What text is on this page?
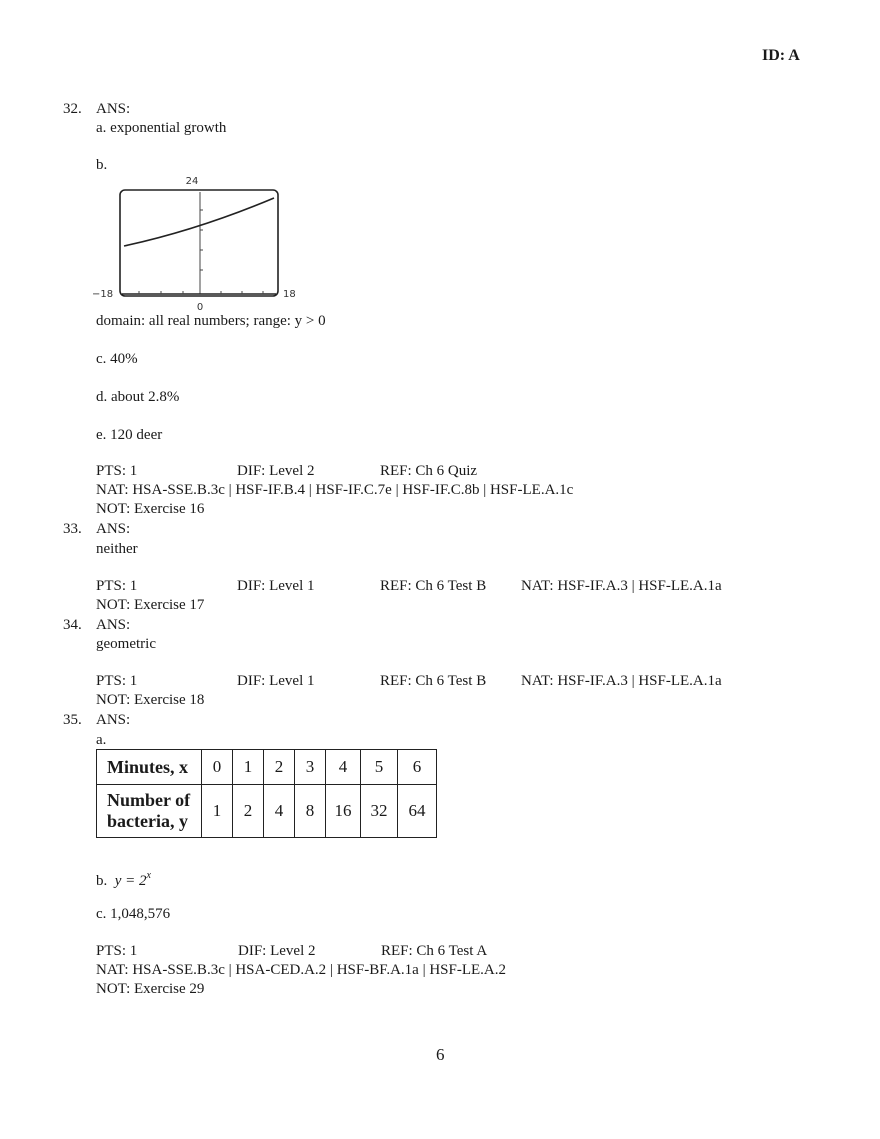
ID: A
32. ANS:
a. exponential growth
b.
24
−18	18
0
domain: all real numbers; range: y > 0
c. 40%
d. about 2.8%
e. 120 deer
PTS: 1	DIF: Level 2	REF: Ch 6 Quiz
NAT: HSA-SSE.B.3c | HSF-IF.B.4 | HSF-IF.C.7e | HSF-IF.C.8b | HSF-LE.A.1c
NOT: Exercise 16
33. ANS:
neither
PTS: 1	DIF: Level 1	REF: Ch 6 Test B NAT: HSF-IF.A.3 | HSF-LE.A.1a
NOT: Exercise 17
34. ANS:
geometric
PTS: 1	DIF: Level 1	REF: Ch 6 Test B NAT: HSF-IF.A.3 | HSF-LE.A.1a
NOT: Exercise 18
35. ANS:
a.
Minutes, x	0	1	2	3	4	5	6

Number of
bacteria, y	1	2	4	8	16	32	64
b. $y = 2^x$
c. 1,048,576
PTS: 1	DIF: Level 2	REF: Ch 6 Test A
NAT: HSA-SSE.B.3c | HSA-CED.A.2 | HSF-BF.A.1a | HSF-LE.A.2
NOT: Exercise 29
6
